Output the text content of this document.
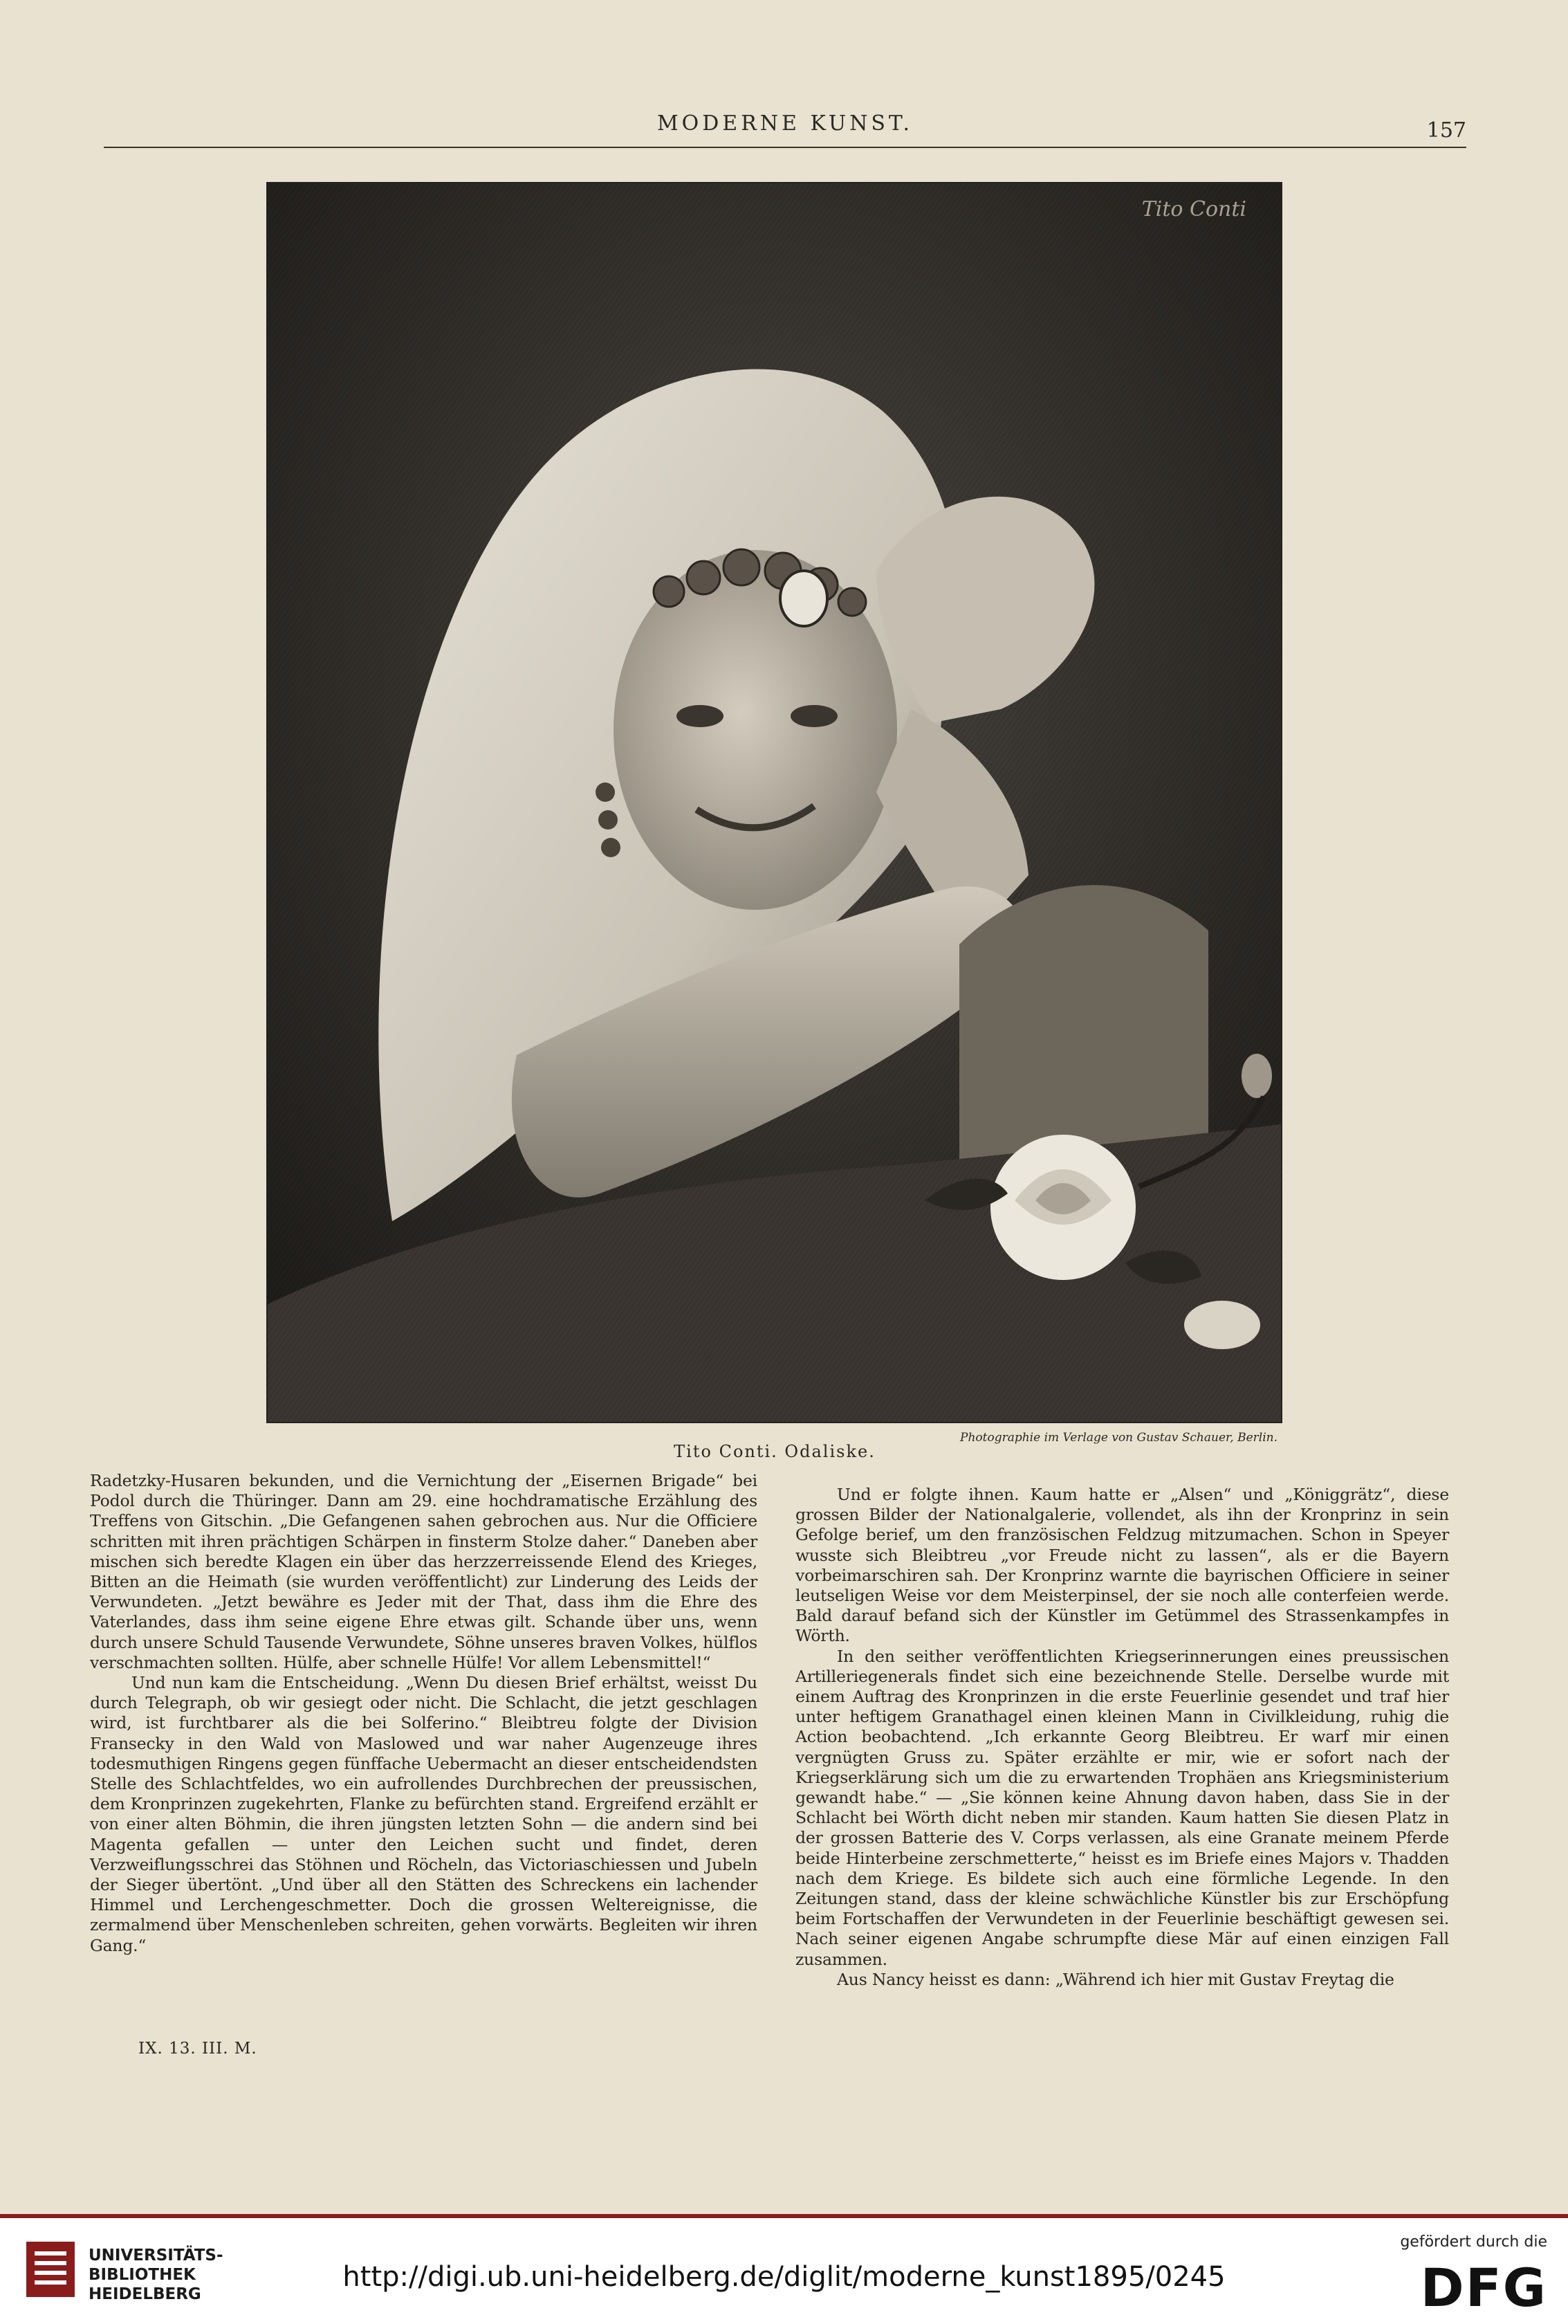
MODERNE KUNST.	157
Tito Conti
Photographie im Verlage von Gustav Schauer, Berlin.
Tito Conti. Odaliske.

Radetzky-Husaren bekunden, und die Vernichtung der „Eisernen Brigade“ bei Podol durch die Thüringer. Dann am 29. eine hochdramatische Erzählung des Treffens von Gitschin. „Die Gefangenen sahen gebrochen aus. Nur die Officiere schritten mit ihren prächtigen Schärpen in finsterm Stolze daher.“ Daneben aber mischen sich beredte Klagen ein über das herzzerreissende Elend des Krieges, Bitten an die Heimath (sie wurden veröffentlicht) zur Linderung des Leids der Verwundeten. „Jetzt bewähre es Jeder mit der That, dass ihm die Ehre des Vaterlandes, dass ihm seine eigene Ehre etwas gilt. Schande über uns, wenn durch unsere Schuld Tausende Verwundete, Söhne unseres braven Volkes, hülflos verschmachten sollten. Hülfe, aber schnelle Hülfe! Vor allem Lebensmittel!“

Und nun kam die Entscheidung. „Wenn Du diesen Brief erhältst, weisst Du durch Telegraph, ob wir gesiegt oder nicht. Die Schlacht, die jetzt geschlagen wird, ist furchtbarer als die bei Solferino.“ Bleibtreu folgte der Division Fransecky in den Wald von Maslowed und war naher Augenzeuge ihres todesmuthigen Ringens gegen fünffache Uebermacht an dieser entscheidendsten Stelle des Schlachtfeldes, wo ein aufrollendes Durchbrechen der preussischen, dem Kronprinzen zugekehrten, Flanke zu befürchten stand. Ergreifend erzählt er von einer alten Böhmin, die ihren jüngsten letzten Sohn — die andern sind bei Magenta gefallen — unter den Leichen sucht und findet, deren Verzweiflungsschrei das Stöhnen und Röcheln, das Victoriaschiessen und Jubeln der Sieger übertönt. „Und über all den Stätten des Schreckens ein lachender Himmel und Lerchengeschmetter. Doch die grossen Weltereignisse, die zermalmend über Menschenleben schreiten, gehen vorwärts. Begleiten wir ihren Gang.“

Und er folgte ihnen. Kaum hatte er „Alsen“ und „Königgrätz“, diese grossen Bilder der Nationalgalerie, vollendet, als ihn der Kronprinz in sein Gefolge berief, um den französischen Feldzug mitzumachen. Schon in Speyer wusste sich Bleibtreu „vor Freude nicht zu lassen“, als er die Bayern vorbeimarschiren sah. Der Kronprinz warnte die bayrischen Officiere in seiner leutseligen Weise vor dem Meisterpinsel, der sie noch alle conterfeien werde. Bald darauf befand sich der Künstler im Getümmel des Strassenkampfes in Wörth.

In den seither veröffentlichten Kriegserinnerungen eines preussischen Artilleriegenerals findet sich eine bezeichnende Stelle. Derselbe wurde mit einem Auftrag des Kronprinzen in die erste Feuerlinie gesendet und traf hier unter heftigem Granathagel einen kleinen Mann in Civilkleidung, ruhig die Action beobachtend. „Ich erkannte Georg Bleibtreu. Er warf mir einen vergnügten Gruss zu. Später erzählte er mir, wie er sofort nach der Kriegserklärung sich um die zu erwartenden Trophäen ans Kriegsministerium gewandt habe.“ — „Sie können keine Ahnung davon haben, dass Sie in der Schlacht bei Wörth dicht neben mir standen. Kaum hatten Sie diesen Platz in der grossen Batterie des V. Corps verlassen, als eine Granate meinem Pferde beide Hinterbeine zerschmetterte,“ heisst es im Briefe eines Majors v. Thadden nach dem Kriege. Es bildete sich auch eine förmliche Legende. In den Zeitungen stand, dass der kleine schwächliche Künstler bis zur Erschöpfung beim Fortschaffen der Verwundeten in der Feuerlinie beschäftigt gewesen sei. Nach seiner eigenen Angabe schrumpfte diese Mär auf einen einzigen Fall zusammen.

Aus Nancy heisst es dann: „Während ich hier mit Gustav Freytag die

IX. 13. III. M.
UNIVERSITÄTS-
BIBLIOTHEK
HEIDELBERG
http://digi.ub.uni-heidelberg.de/diglit/moderne_kunst1895/0245
gefördert durch die
DFG
